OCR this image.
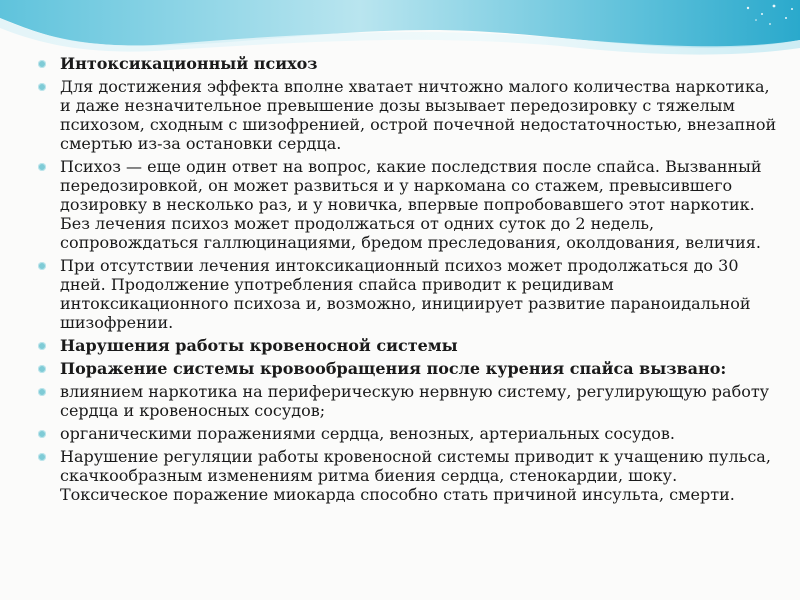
Интоксикационный психоз
Для достижения эффекта вполне хватает ничтожно малого количества наркотика, и даже незначительное превышение дозы вызывает передозировку с тяжелым психозом, сходным с шизофренией, острой почечной недостаточностью, внезапной смертью из-за остановки сердца.
Психоз — еще один ответ на вопрос, какие последствия после спайса. Вызванный передозировкой, он может развиться и у наркомана со стажем, превысившего дозировку в несколько раз, и у новичка, впервые попробовавшего этот наркотик. Без лечения психоз может продолжаться от одних суток до 2 недель, сопровождаться галлюцинациями, бредом преследования, околдования, величия.
При отсутствии лечения интоксикационный психоз может продолжаться до 30 дней. Продолжение употребления спайса приводит к рецидивам интоксикационного психоза и, возможно, инициирует развитие параноидальной шизофрении.
Нарушения работы кровеносной системы
Поражение системы кровообращения после курения спайса вызвано:
влиянием наркотика на периферическую нервную систему, регулирующую работу сердца и кровеносных сосудов;
органическими поражениями сердца, венозных, артериальных сосудов.
Нарушение регуляции работы кровеносной системы приводит к учащению пульса, скачкообразным изменениям ритма биения сердца, стенокардии, шоку. Токсическое поражение миокарда способно стать причиной инсульта, смерти.
